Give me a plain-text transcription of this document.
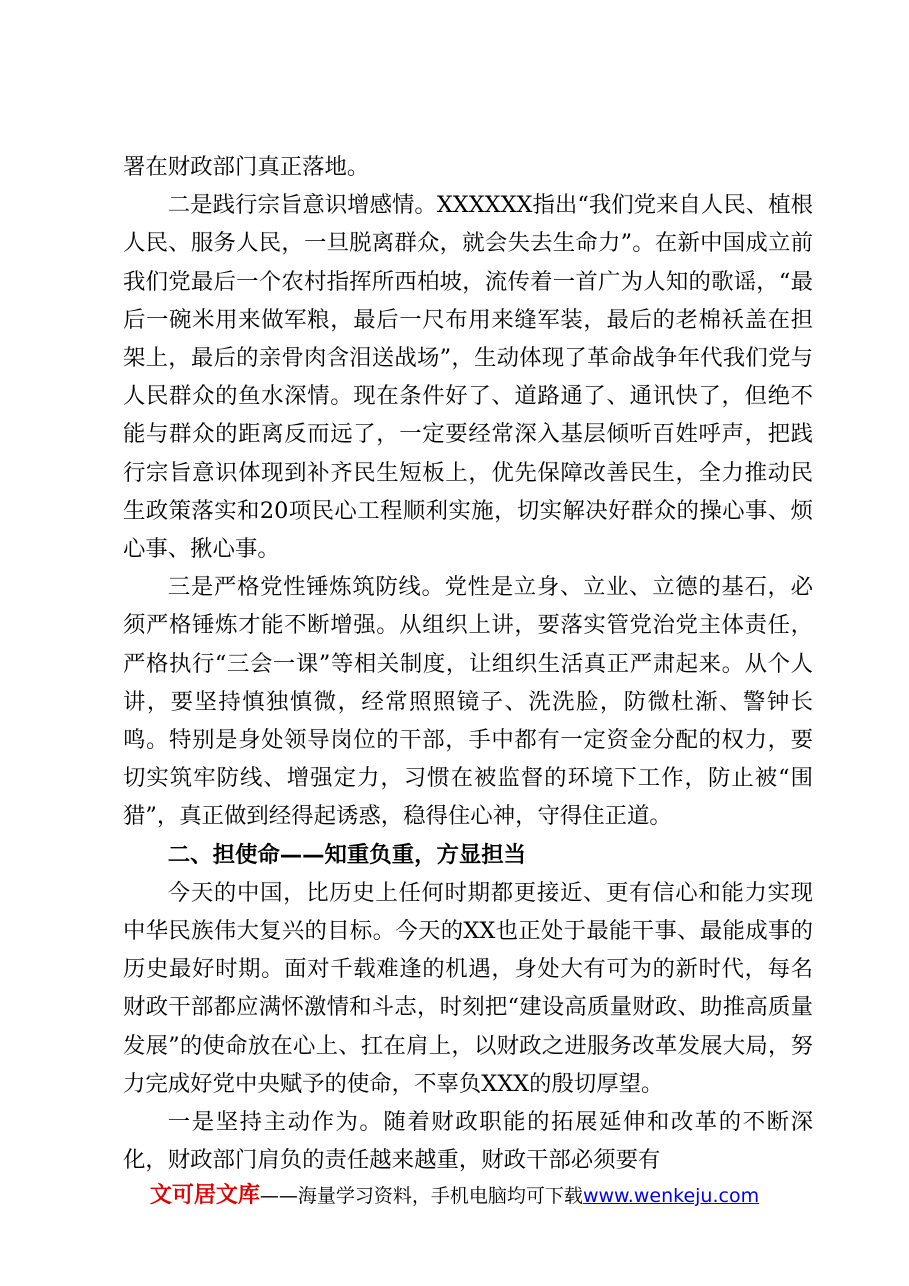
署在财政部门真正落地。

二是践行宗旨意识增感情。XXXXXX指出“我们党来自人民、植根人民、服务人民，一旦脱离群众，就会失去生命力”。在新中国成立前我们党最后一个农村指挥所西柏坡，流传着一首广为人知的歌谣，“最后一碗米用来做军粮，最后一尺布用来缝军装，最后的老棉袄盖在担架上，最后的亲骨肉含泪送战场”，生动体现了革命战争年代我们党与人民群众的鱼水深情。现在条件好了、道路通了、通讯快了，但绝不能与群众的距离反而远了，一定要经常深入基层倾听百姓呼声，把践行宗旨意识体现到补齐民生短板上，优先保障改善民生，全力推动民生政策落实和20项民心工程顺利实施，切实解决好群众的操心事、烦心事、揪心事。

三是严格党性锤炼筑防线。党性是立身、立业、立德的基石，必须严格锤炼才能不断增强。从组织上讲，要落实管党治党主体责任，严格执行“三会一课”等相关制度，让组织生活真正严肃起来。从个人讲，要坚持慎独慎微，经常照照镜子、洗洗脸，防微杜渐、警钟长鸣。特别是身处领导岗位的干部，手中都有一定资金分配的权力，要切实筑牢防线、增强定力，习惯在被监督的环境下工作，防止被“围猎”，真正做到经得起诱惑，稳得住心神，守得住正道。

二、担使命——知重负重，方显担当

今天的中国，比历史上任何时期都更接近、更有信心和能力实现中华民族伟大复兴的目标。今天的XX也正处于最能干事、最能成事的历史最好时期。面对千载难逢的机遇，身处大有可为的新时代，每名财政干部都应满怀激情和斗志，时刻把“建设高质量财政、助推高质量发展”的使命放在心上、扛在肩上，以财政之进服务改革发展大局，努力完成好党中央赋予的使命，不辜负XXX的殷切厚望。

一是坚持主动作为。随着财政职能的拓展延伸和改革的不断深化，财政部门肩负的责任越来越重，财政干部必须要有

文可居文库——海量学习资料，手机电脑均可下载www.wenkeju.com
